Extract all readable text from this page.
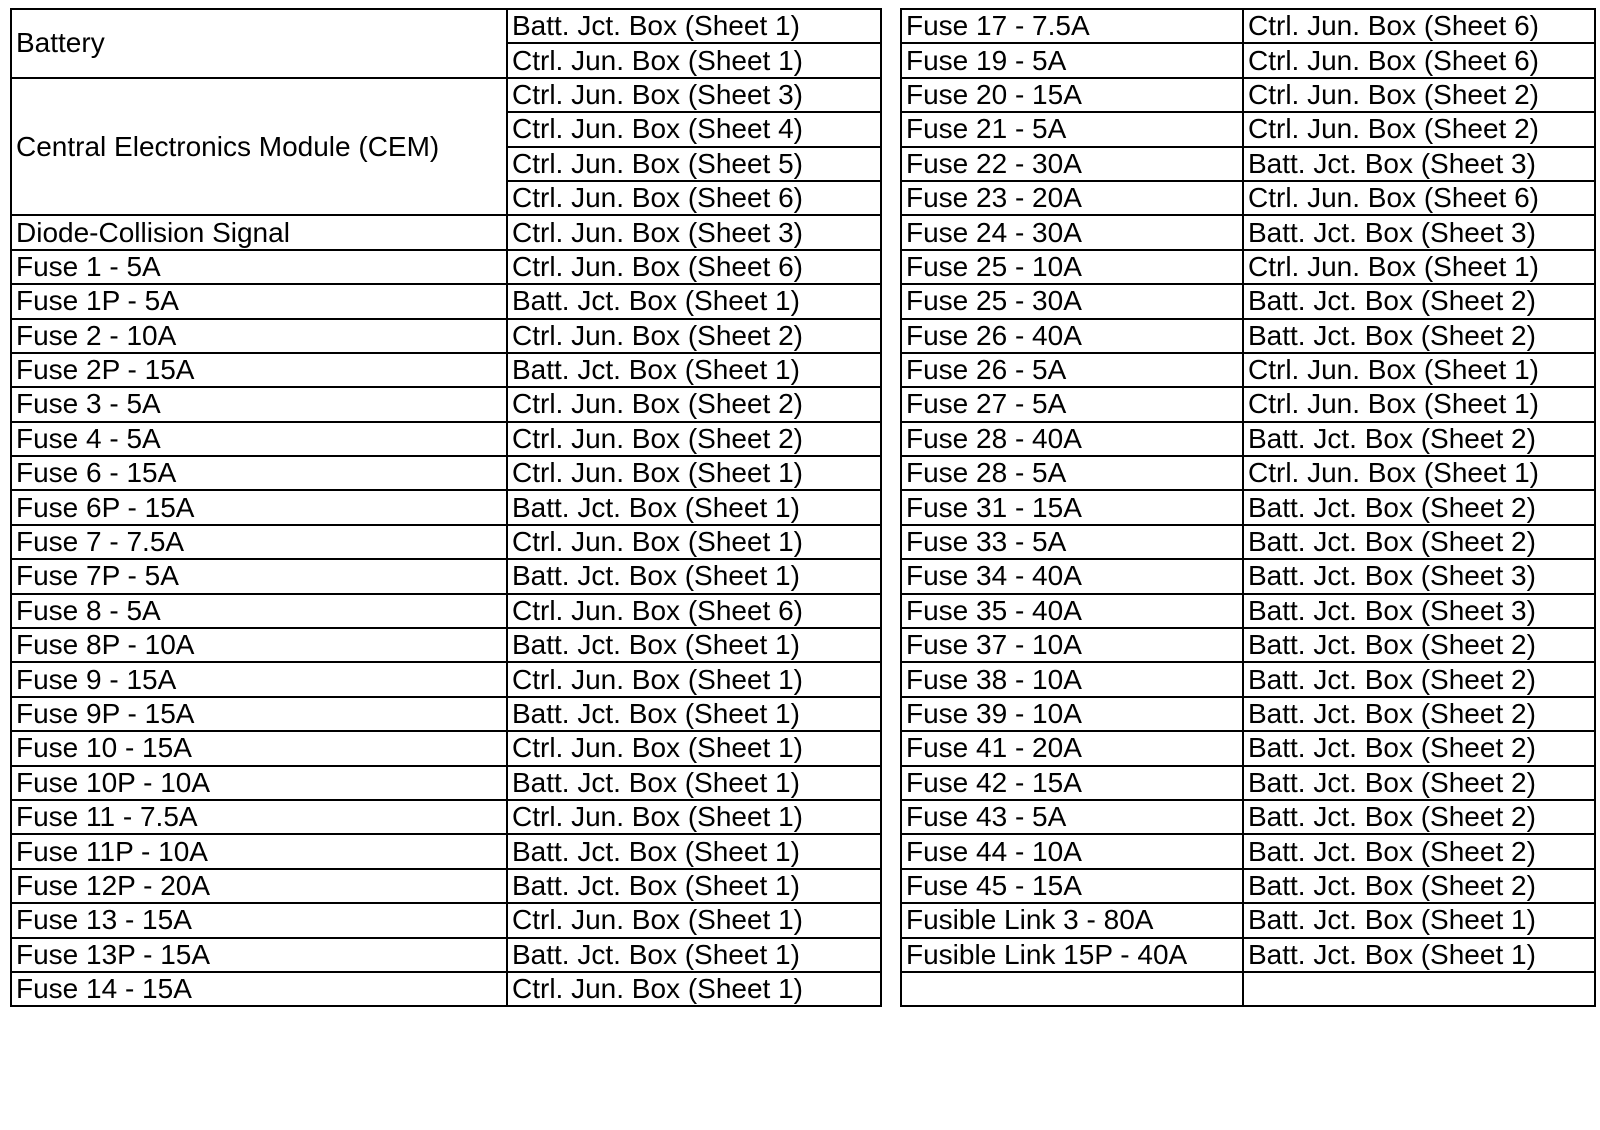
Battery	Batt. Jct. Box (Sheet 1)
	Ctrl. Jun. Box (Sheet 1)
Central Electronics Module (CEM)	Ctrl. Jun. Box (Sheet 3)
	Ctrl. Jun. Box (Sheet 4)
	Ctrl. Jun. Box (Sheet 5)
	Ctrl. Jun. Box (Sheet 6)
Diode-Collision Signal	Ctrl. Jun. Box (Sheet 3)
Fuse 1 - 5A	Ctrl. Jun. Box (Sheet 6)
Fuse 1P - 5A	Batt. Jct. Box (Sheet 1)
Fuse 2 - 10A	Ctrl. Jun. Box (Sheet 2)
Fuse 2P - 15A	Batt. Jct. Box (Sheet 1)
Fuse 3 - 5A	Ctrl. Jun. Box (Sheet 2)
Fuse 4 - 5A	Ctrl. Jun. Box (Sheet 2)
Fuse 6 - 15A	Ctrl. Jun. Box (Sheet 1)
Fuse 6P - 15A	Batt. Jct. Box (Sheet 1)
Fuse 7 - 7.5A	Ctrl. Jun. Box (Sheet 1)
Fuse 7P - 5A	Batt. Jct. Box (Sheet 1)
Fuse 8 - 5A	Ctrl. Jun. Box (Sheet 6)
Fuse 8P - 10A	Batt. Jct. Box (Sheet 1)
Fuse 9 - 15A	Ctrl. Jun. Box (Sheet 1)
Fuse 9P - 15A	Batt. Jct. Box (Sheet 1)
Fuse 10 - 15A	Ctrl. Jun. Box (Sheet 1)
Fuse 10P - 10A	Batt. Jct. Box (Sheet 1)
Fuse 11 - 7.5A	Ctrl. Jun. Box (Sheet 1)
Fuse 11P - 10A	Batt. Jct. Box (Sheet 1)
Fuse 12P - 20A	Batt. Jct. Box (Sheet 1)
Fuse 13 - 15A	Ctrl. Jun. Box (Sheet 1)
Fuse 13P - 15A	Batt. Jct. Box (Sheet 1)
Fuse 14 - 15A	Ctrl. Jun. Box (Sheet 1)
Fuse 17 - 7.5A	Ctrl. Jun. Box (Sheet 6)
Fuse 19 - 5A	Ctrl. Jun. Box (Sheet 6)
Fuse 20 - 15A	Ctrl. Jun. Box (Sheet 2)
Fuse 21 - 5A	Ctrl. Jun. Box (Sheet 2)
Fuse 22 - 30A	Batt. Jct. Box (Sheet 3)
Fuse 23 - 20A	Ctrl. Jun. Box (Sheet 6)
Fuse 24 - 30A	Batt. Jct. Box (Sheet 3)
Fuse 25 - 10A	Ctrl. Jun. Box (Sheet 1)
Fuse 25 - 30A	Batt. Jct. Box (Sheet 2)
Fuse 26 - 40A	Batt. Jct. Box (Sheet 2)
Fuse 26 - 5A	Ctrl. Jun. Box (Sheet 1)
Fuse 27 - 5A	Ctrl. Jun. Box (Sheet 1)
Fuse 28 - 40A	Batt. Jct. Box (Sheet 2)
Fuse 28 - 5A	Ctrl. Jun. Box (Sheet 1)
Fuse 31 - 15A	Batt. Jct. Box (Sheet 2)
Fuse 33 - 5A	Batt. Jct. Box (Sheet 2)
Fuse 34 - 40A	Batt. Jct. Box (Sheet 3)
Fuse 35 - 40A	Batt. Jct. Box (Sheet 3)
Fuse 37 - 10A	Batt. Jct. Box (Sheet 2)
Fuse 38 - 10A	Batt. Jct. Box (Sheet 2)
Fuse 39 - 10A	Batt. Jct. Box (Sheet 2)
Fuse 41 - 20A	Batt. Jct. Box (Sheet 2)
Fuse 42 - 15A	Batt. Jct. Box (Sheet 2)
Fuse 43 - 5A	Batt. Jct. Box (Sheet 2)
Fuse 44 - 10A	Batt. Jct. Box (Sheet 2)
Fuse 45 - 15A	Batt. Jct. Box (Sheet 2)
Fusible Link 3 - 80A	Batt. Jct. Box (Sheet 1)
Fusible Link 15P - 40A	Batt. Jct. Box (Sheet 1)
